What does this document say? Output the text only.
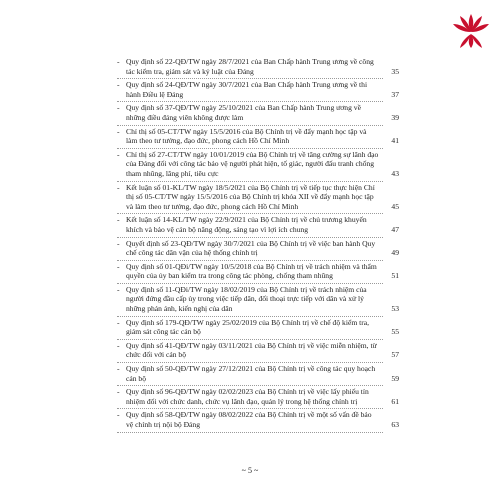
- Quy định số 22-QĐ/TW ngày 28/7/2021 của Ban Chấp hành Trung ương về công tác kiểm tra, giám sát và kỷ luật của Đảng	35
- Quy định số 24-QĐ/TW ngày 30/7/2021 của Ban Chấp hành Trung ương về thi hành Điều lệ Đảng	37
- Quy định số 37-QĐ/TW ngày 25/10/2021 của Ban Chấp hành Trung ương về những điều đảng viên không được làm	39
- Chỉ thị số 05-CT/TW ngày 15/5/2016 của Bộ Chính trị về đẩy mạnh học tập và làm theo tư tưởng, đạo đức, phong cách Hồ Chí Minh	41
- Chỉ thị số 27-CT/TW ngày 10/01/2019 của Bộ Chính trị về tăng cường sự lãnh đạo của Đảng đối với công tác bảo vệ người phát hiện, tố giác, người đấu tranh chống tham nhũng, lãng phí, tiêu cực	43
- Kết luận số 01-KL/TW ngày 18/5/2021 của Bộ Chính trị về tiếp tục thực hiện Chỉ thị số 05-CT/TW ngày 15/5/2016 của Bộ Chính trị khóa XII về đẩy mạnh học tập và làm theo tư tưởng, đạo đức, phong cách Hồ Chí Minh	45
- Kết luận số 14-KL/TW ngày 22/9/2021 của Bộ Chính trị về chủ trương khuyến khích và bảo vệ cán bộ năng động, sáng tạo vì lợi ích chung	47
- Quyết định số 23-QĐ/TW ngày 30/7/2021 của Bộ Chính trị về việc ban hành Quy chế công tác dân vận của hệ thống chính trị	49
- Quy định số 01-QĐi/TW ngày 10/5/2018 của Bộ Chính trị về trách nhiệm và thẩm quyền của ủy ban kiểm tra trong công tác phòng, chống tham nhũng	51
- Quy định số 11-QĐi/TW ngày 18/02/2019 của Bộ Chính trị về trách nhiệm của người đứng đầu cấp ủy trong việc tiếp dân, đối thoại trực tiếp với dân và xử lý những phản ánh, kiến nghị của dân	53
- Quy định số 179-QĐ/TW ngày 25/02/2019 của Bộ Chính trị về chế độ kiểm tra, giám sát công tác cán bộ	55
- Quy định số 41-QĐ/TW ngày 03/11/2021 của Bộ Chính trị về việc miễn nhiệm, từ chức đối với cán bộ	57
- Quy định số 50-QĐ/TW ngày 27/12/2021 của Bộ Chính trị về công tác quy hoạch cán bộ	59
- Quy định số 96-QĐ/TW ngày 02/02/2023 của Bộ Chính trị về việc lấy phiếu tín nhiệm đối với chức danh, chức vụ lãnh đạo, quản lý trong hệ thống chính trị	61
- Quy định số 58-QĐ/TW ngày 08/02/2022 của Bộ Chính trị về một số vấn đề bảo vệ chính trị nội bộ Đảng	63
~ 5 ~
